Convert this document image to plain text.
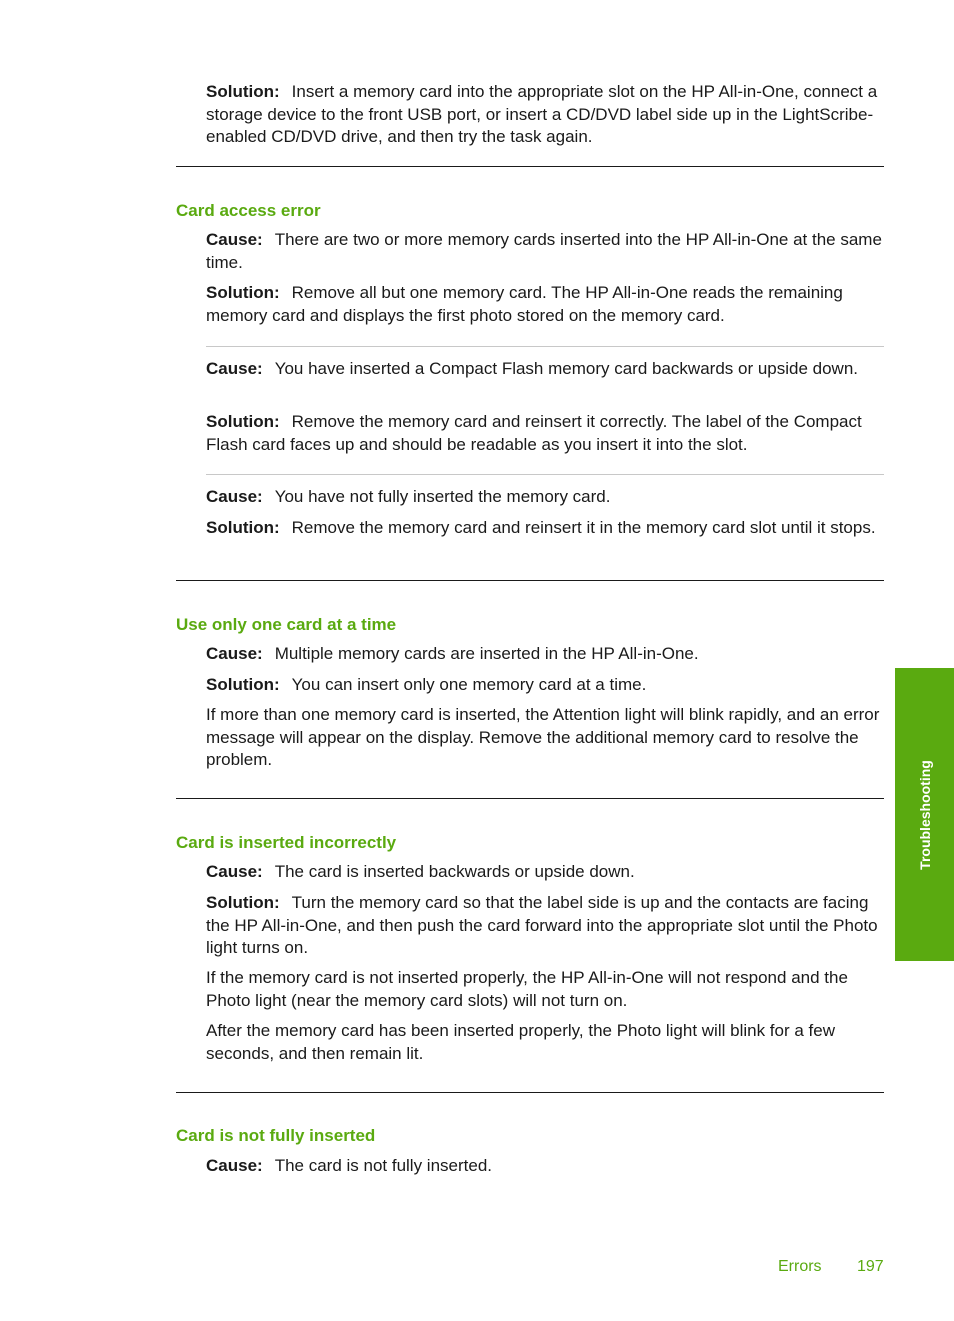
Solution: Insert a memory card into the appropriate slot on the HP All-in-One, connect a storage device to the front USB port, or insert a CD/DVD label side up in the LightScribe-enabled CD/DVD drive, and then try the task again.

Card access error

Cause: There are two or more memory cards inserted into the HP All-in-One at the same time.

Solution: Remove all but one memory card. The HP All-in-One reads the remaining memory card and displays the first photo stored on the memory card.

Cause: You have inserted a Compact Flash memory card backwards or upside down.

Solution: Remove the memory card and reinsert it correctly. The label of the Compact Flash card faces up and should be readable as you insert it into the slot.

Cause: You have not fully inserted the memory card.

Solution: Remove the memory card and reinsert it in the memory card slot until it stops.

Use only one card at a time

Cause: Multiple memory cards are inserted in the HP All-in-One.

Solution: You can insert only one memory card at a time.

If more than one memory card is inserted, the Attention light will blink rapidly, and an error message will appear on the display. Remove the additional memory card to resolve the problem.

Card is inserted incorrectly

Cause: The card is inserted backwards or upside down.

Solution: Turn the memory card so that the label side is up and the contacts are facing the HP All-in-One, and then push the card forward into the appropriate slot until the Photo light turns on.

If the memory card is not inserted properly, the HP All-in-One will not respond and the Photo light (near the memory card slots) will not turn on.

After the memory card has been inserted properly, the Photo light will blink for a few seconds, and then remain lit.

Card is not fully inserted

Cause: The card is not fully inserted.

Troubleshooting
Errors 197
